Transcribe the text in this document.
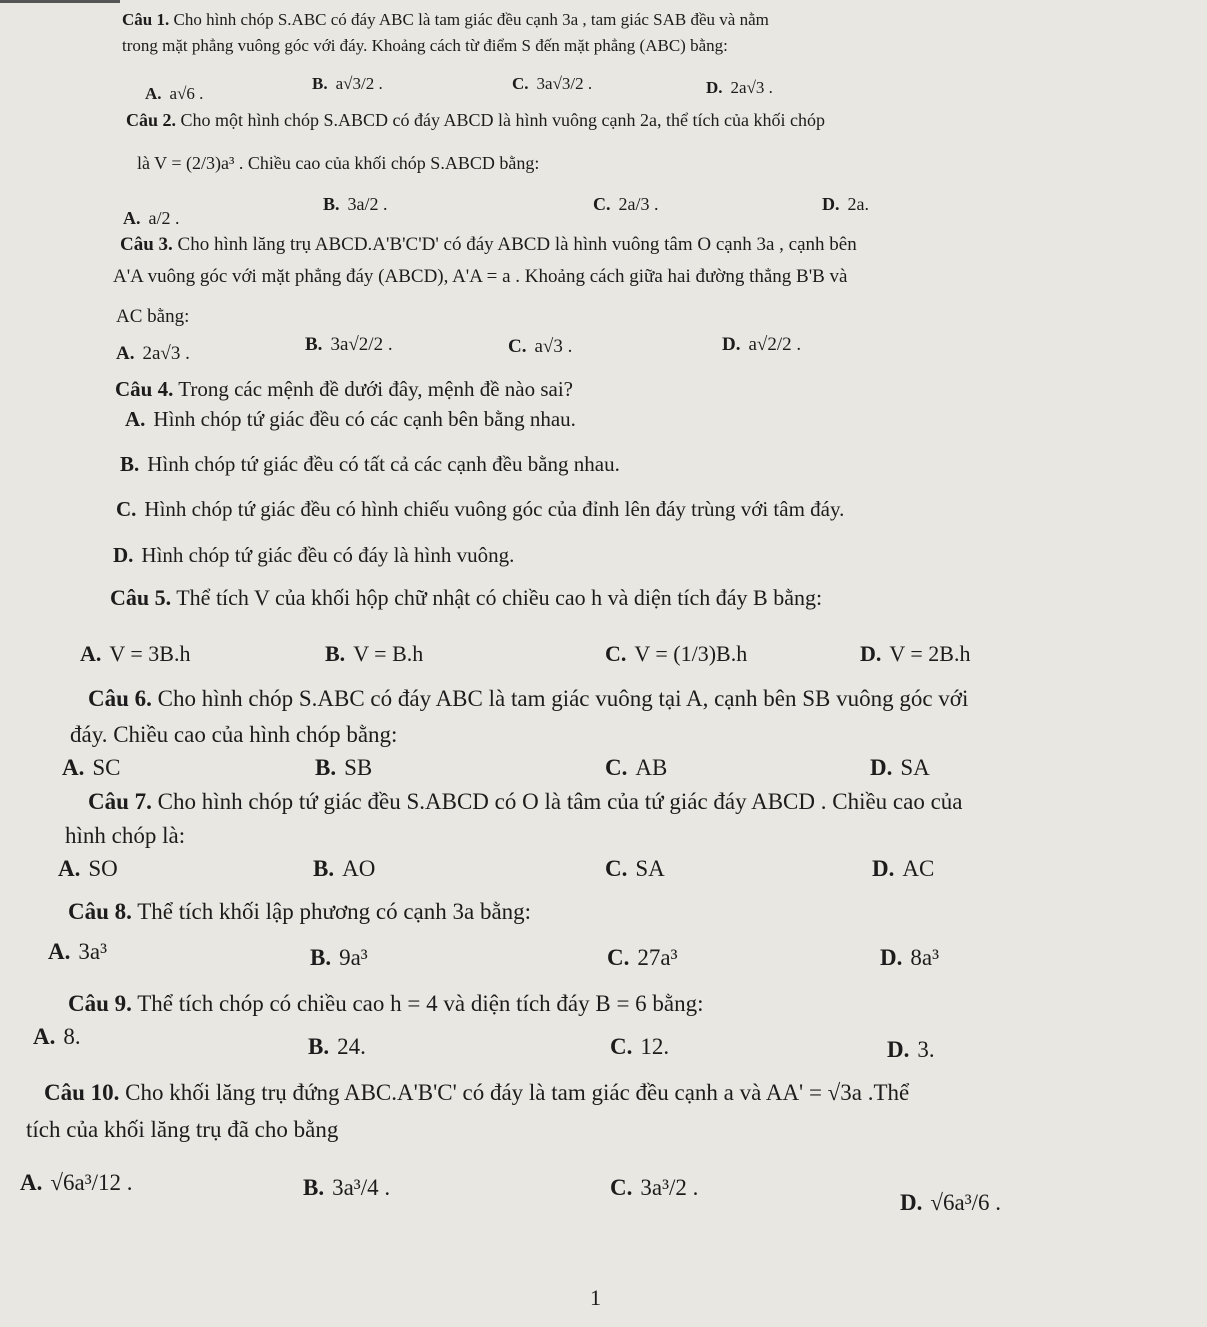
Câu 1. Cho hình chóp S.ABC có đáy ABC là tam giác đều cạnh 3a , tam giác SAB đều và nằm
trong mặt phẳng vuông góc với đáy. Khoảng cách từ điểm S đến mặt phẳng (ABC) bằng:
A. a√6 .
B. a√3/2 .	C. 3a√3/2 .	D. 2a√3 .
Câu 2. Cho một hình chóp S.ABCD có đáy ABCD là hình vuông cạnh 2a, thể tích của khối chóp
là V = (2/3)a³ . Chiều cao của khối chóp S.ABCD bằng:
A. a/2 .
B. 3a/2 .	C. 2a/3 .	D. 2a.
Câu 3. Cho hình lăng trụ ABCD.A'B'C'D' có đáy ABCD là hình vuông tâm O cạnh 3a , cạnh bên
A'A vuông góc với mặt phẳng đáy (ABCD), A'A = a . Khoảng cách giữa hai đường thẳng B'B và
AC bằng:
A. 2a√3 .	B. 3a√2/2 .	C. a√3 .	D. a√2/2 .
Câu 4. Trong các mệnh đề dưới đây, mệnh đề nào sai?
A. Hình chóp tứ giác đều có các cạnh bên bằng nhau.
B. Hình chóp tứ giác đều có tất cả các cạnh đều bằng nhau.
C. Hình chóp tứ giác đều có hình chiếu vuông góc của đỉnh lên đáy trùng với tâm đáy.
D. Hình chóp tứ giác đều có đáy là hình vuông.
Câu 5. Thể tích V của khối hộp chữ nhật có chiều cao h và diện tích đáy B bằng:
A. V = 3B.h	B. V = B.h	C. V = (1/3)B.h	D. V = 2B.h
Câu 6. Cho hình chóp S.ABC có đáy ABC là tam giác vuông tại A, cạnh bên SB vuông góc với
đáy. Chiều cao của hình chóp bằng:
A. SC	B. SB	C. AB	D. SA
Câu 7. Cho hình chóp tứ giác đều S.ABCD có O là tâm của tứ giác đáy ABCD . Chiều cao của
hình chóp là:
A. SO	B. AO	C. SA	D. AC
Câu 8. Thể tích khối lập phương có cạnh 3a bằng:
A. 3a³	B. 9a³	C. 27a³	D. 8a³
Câu 9. Thể tích chóp có chiều cao h = 4 và diện tích đáy B = 6 bằng:
A. 8.	B. 24.	C. 12.	D. 3.
Câu 10. Cho khối lăng trụ đứng ABC.A'B'C' có đáy là tam giác đều cạnh a và AA' = √3a .Thể
tích của khối lăng trụ đã cho bằng
A. √6a³/12 .	B. 3a³/4 .	C. 3a³/2 .
D. √6a³/6 .
1
